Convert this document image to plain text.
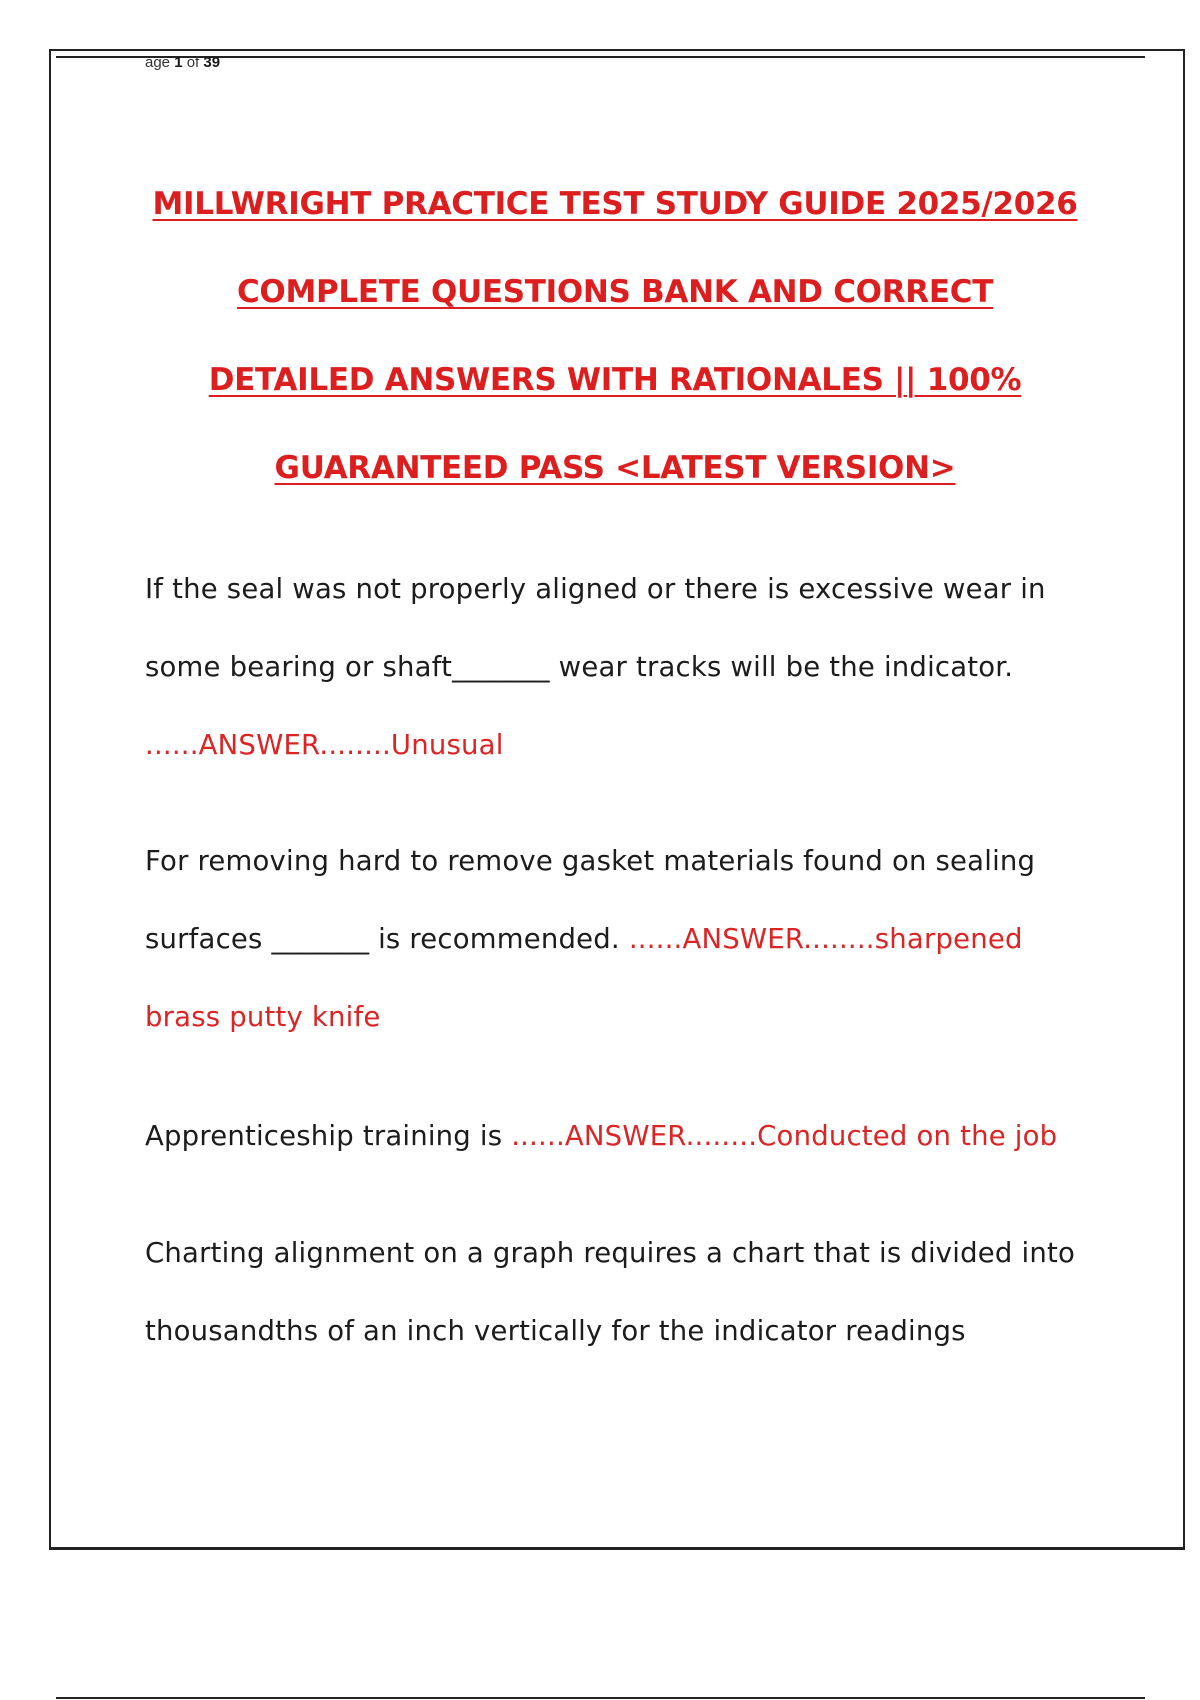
age 1 of 39
MILLWRIGHT PRACTICE TEST STUDY GUIDE 2025/2026
COMPLETE QUESTIONS BANK AND CORRECT
DETAILED ANSWERS WITH RATIONALES || 100%
GUARANTEED PASS <LATEST VERSION>
If the seal was not properly aligned or there is excessive wear in some bearing or shaft_______ wear tracks will be the indicator. ......ANSWER........Unusual
For removing hard to remove gasket materials found on sealing surfaces _______ is recommended. ......ANSWER........sharpened brass putty knife
Apprenticeship training is ......ANSWER........Conducted on the job
Charting alignment on a graph requires a chart that is divided into thousandths of an inch vertically for the indicator readings
